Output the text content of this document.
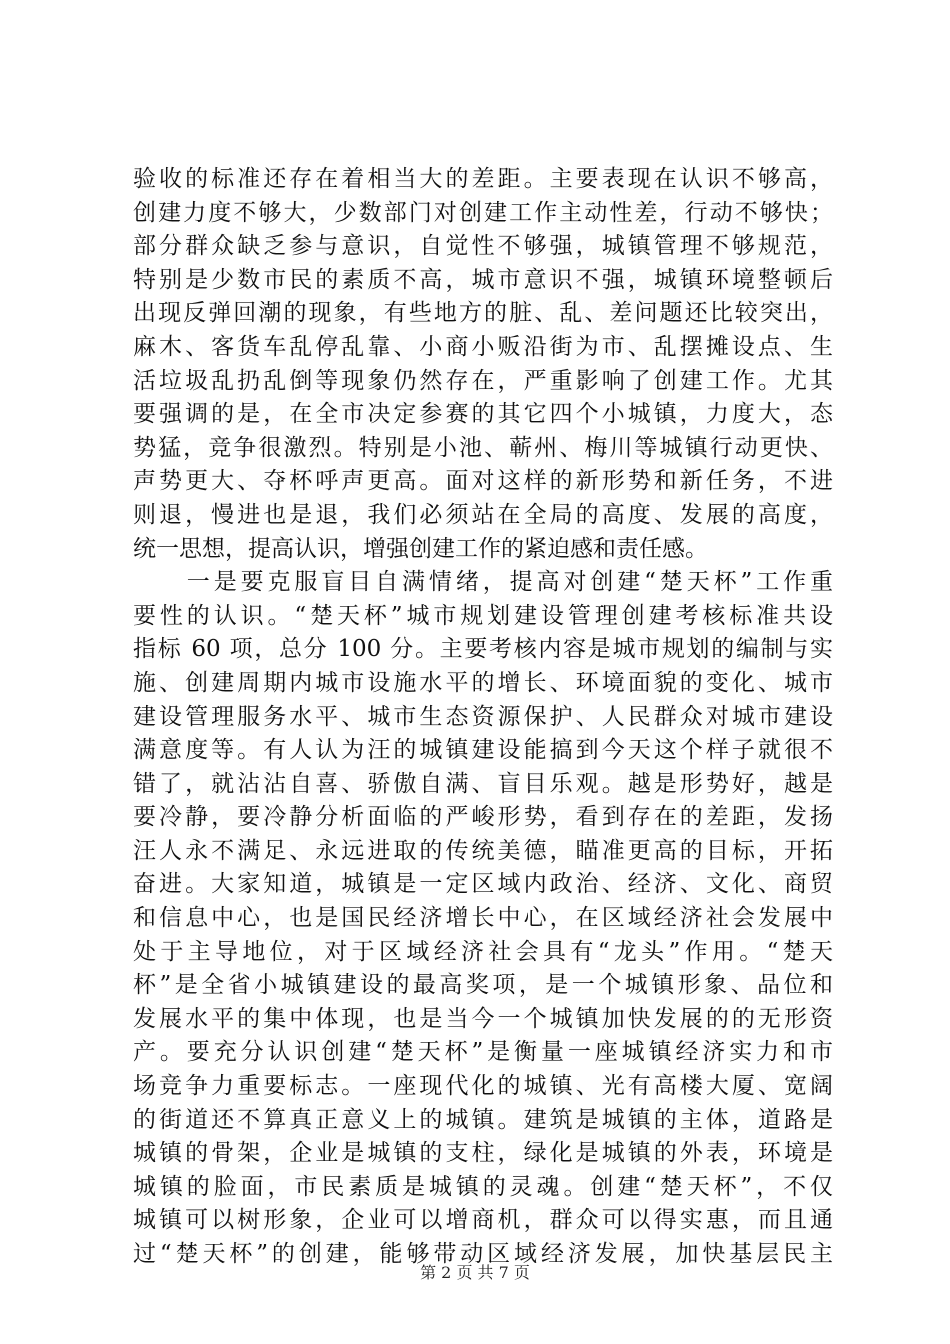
验收的标准还存在着相当大的差距。主要表现在认识不够高，
创建力度不够大，少数部门对创建工作主动性差，行动不够快；
部分群众缺乏参与意识，自觉性不够强，城镇管理不够规范，
特别是少数市民的素质不高，城市意识不强，城镇环境整顿后
出现反弹回潮的现象，有些地方的脏、乱、差问题还比较突出，
麻木、客货车乱停乱靠、小商小贩沿街为市、乱摆摊设点、生
活垃圾乱扔乱倒等现象仍然存在，严重影响了创建工作。尤其
要强调的是，在全市决定参赛的其它四个小城镇，力度大，态
势猛，竞争很激烈。特别是小池、蕲州、梅川等城镇行动更快、
声势更大、夺杯呼声更高。面对这样的新形势和新任务，不进
则退，慢进也是退，我们必须站在全局的高度、发展的高度，
统一思想，提高认识，增强创建工作的紧迫感和责任感。
　　一是要克服盲目自满情绪，提高对创建“楚天杯”工作重
要性的认识。“楚天杯”城市规划建设管理创建考核标准共设
指标 60 项，总分 100 分。主要考核内容是城市规划的编制与实
施、创建周期内城市设施水平的增长、环境面貌的变化、城市
建设管理服务水平、城市生态资源保护、人民群众对城市建设
满意度等。有人认为汪的城镇建设能搞到今天这个样子就很不
错了，就沾沾自喜、骄傲自满、盲目乐观。越是形势好，越是
要冷静，要冷静分析面临的严峻形势，看到存在的差距，发扬
汪人永不满足、永远进取的传统美德，瞄准更高的目标，开拓
奋进。大家知道，城镇是一定区域内政治、经济、文化、商贸
和信息中心，也是国民经济增长中心，在区域经济社会发展中
处于主导地位，对于区域经济社会具有“龙头”作用。“楚天
杯”是全省小城镇建设的最高奖项，是一个城镇形象、品位和
发展水平的集中体现，也是当今一个城镇加快发展的的无形资
产。要充分认识创建“楚天杯”是衡量一座城镇经济实力和市
场竞争力重要标志。一座现代化的城镇、光有高楼大厦、宽阔
的街道还不算真正意义上的城镇。建筑是城镇的主体，道路是
城镇的骨架，企业是城镇的支柱，绿化是城镇的外表，环境是
城镇的脸面，市民素质是城镇的灵魂。创建“楚天杯”，不仅
城镇可以树形象，企业可以增商机，群众可以得实惠，而且通
过“楚天杯”的创建，能够带动区域经济发展，加快基层民主
第 2 页 共 7 页
